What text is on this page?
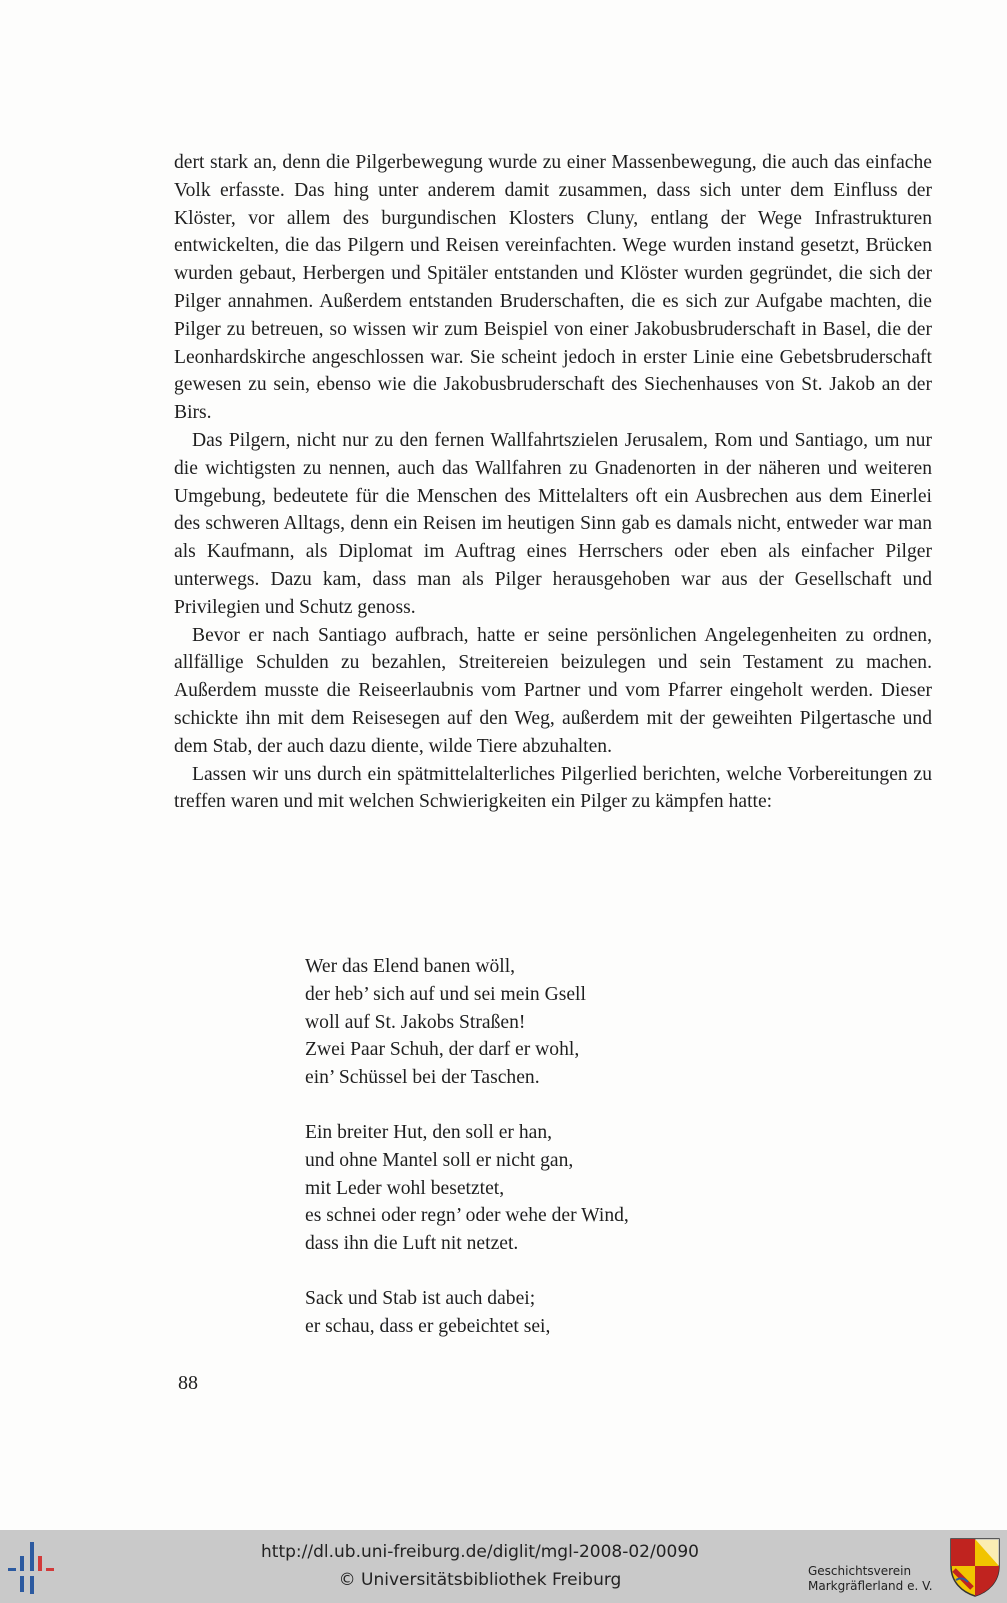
dert stark an, denn die Pilgerbewegung wurde zu einer Massenbewegung, die auch das einfache Volk erfasste. Das hing unter anderem damit zusammen, dass sich unter dem Einfluss der Klöster, vor allem des burgundischen Klosters Cluny, entlang der Wege Infrastrukturen entwickelten, die das Pilgern und Reisen vereinfachten. Wege wurden instand gesetzt, Brücken wurden gebaut, Herbergen und Spitäler entstanden und Klöster wurden gegründet, die sich der Pilger annahmen. Außerdem entstanden Bruderschaften, die es sich zur Aufgabe machten, die Pilger zu betreuen, so wissen wir zum Beispiel von einer Jakobusbruderschaft in Basel, die der Leonhardskirche angeschlossen war. Sie scheint jedoch in erster Linie eine Gebetsbruderschaft gewesen zu sein, ebenso wie die Jakobusbruderschaft des Siechenhauses von St. Jakob an der Birs.

Das Pilgern, nicht nur zu den fernen Wallfahrtszielen Jerusalem, Rom und Santiago, um nur die wichtigsten zu nennen, auch das Wallfahren zu Gnadenorten in der näheren und weiteren Umgebung, bedeutete für die Menschen des Mittelalters oft ein Ausbrechen aus dem Einerlei des schweren Alltags, denn ein Reisen im heutigen Sinn gab es damals nicht, entweder war man als Kaufmann, als Diplomat im Auftrag eines Herrschers oder eben als einfacher Pilger unterwegs. Dazu kam, dass man als Pilger herausgehoben war aus der Gesellschaft und Privilegien und Schutz genoss.

Bevor er nach Santiago aufbrach, hatte er seine persönlichen Angelegenheiten zu ordnen, allfällige Schulden zu bezahlen, Streitereien beizulegen und sein Testament zu machen. Außerdem musste die Reiseerlaubnis vom Partner und vom Pfarrer eingeholt werden. Dieser schickte ihn mit dem Reisesegen auf den Weg, außerdem mit der geweihten Pilgertasche und dem Stab, der auch dazu diente, wilde Tiere abzuhalten.

Lassen wir uns durch ein spätmittelalterliches Pilgerlied berichten, welche Vorbereitungen zu treffen waren und mit welchen Schwierigkeiten ein Pilger zu kämpfen hatte:

Wer das Elend banen wöll,
der heb’ sich auf und sei mein Gsell
woll auf St. Jakobs Straßen!
Zwei Paar Schuh, der darf er wohl,
ein’ Schüssel bei der Taschen.
Ein breiter Hut, den soll er han,
und ohne Mantel soll er nicht gan,
mit Leder wohl besetztet,
es schnei oder regn’ oder wehe der Wind,
dass ihn die Luft nit netzet.
Sack und Stab ist auch dabei;
er schau, dass er gebeichtet sei,
88
http://dl.ub.uni-freiburg.de/diglit/mgl-2008-02/0090
© Universitätsbibliothek Freiburg	Geschichtsverein
Markgräflerland e. V.
